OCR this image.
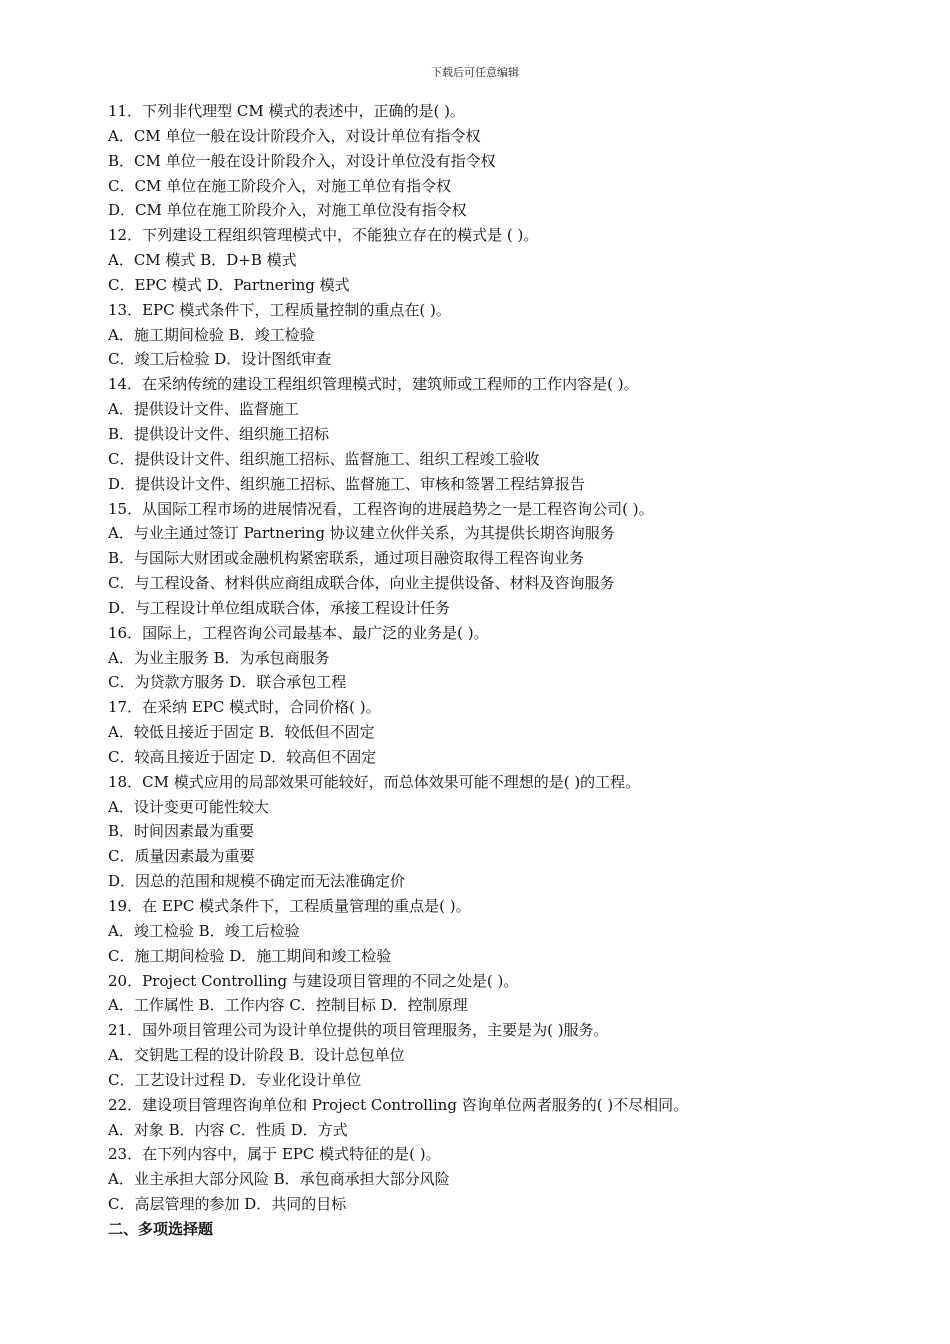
下载后可任意编辑
11．下列非代理型 CM 模式的表述中，正确的是( )。
A．CM 单位一般在设计阶段介入，对设计单位有指令权
B．CM 单位一般在设计阶段介入，对设计单位没有指令权
C．CM 单位在施工阶段介入，对施工单位有指令权
D．CM 单位在施工阶段介入，对施工单位没有指令权
12．下列建设工程组织管理模式中，不能独立存在的模式是 ( )。
A．CM 模式 B．D+B 模式
C．EPC 模式 D．Partnering 模式
13．EPC 模式条件下，工程质量控制的重点在( )。
A．施工期间检验 B．竣工检验
C．竣工后检验 D．设计图纸审查
14．在采纳传统的建设工程组织管理模式时，建筑师或工程师的工作内容是( )。
A．提供设计文件、监督施工
B．提供设计文件、组织施工招标
C．提供设计文件、组织施工招标、监督施工、组织工程竣工验收
D．提供设计文件、组织施工招标、监督施工、审核和签署工程结算报告
15．从国际工程市场的进展情况看，工程咨询的进展趋势之一是工程咨询公司( )。
A．与业主通过签订 Partnering 协议建立伙伴关系，为其提供长期咨询服务
B．与国际大财团或金融机构紧密联系，通过项目融资取得工程咨询业务
C．与工程设备、材料供应商组成联合体，向业主提供设备、材料及咨询服务
D．与工程设计单位组成联合体，承接工程设计任务
16．国际上，工程咨询公司最基本、最广泛的业务是( )。
A．为业主服务 B．为承包商服务
C．为贷款方服务 D．联合承包工程
17．在采纳 EPC 模式时，合同价格( )。
A．较低且接近于固定 B．较低但不固定
C．较高且接近于固定 D．较高但不固定
18．CM 模式应用的局部效果可能较好，而总体效果可能不理想的是( )的工程。
A．设计变更可能性较大
B．时间因素最为重要
C．质量因素最为重要
D．因总的范围和规模不确定而无法准确定价
19．在 EPC 模式条件下，工程质量管理的重点是( )。
A．竣工检验 B．竣工后检验
C．施工期间检验 D．施工期间和竣工检验
20．Project Controlling 与建设项目管理的不同之处是( )。
A．工作属性 B．工作内容 C．控制目标 D．控制原理
21．国外项目管理公司为设计单位提供的项目管理服务，主要是为( )服务。
A．交钥匙工程的设计阶段 B．设计总包单位
C．工艺设计过程 D．专业化设计单位
22．建设项目管理咨询单位和 Project Controlling 咨询单位两者服务的( )不尽相同。
A．对象 B．内容 C．性质 D．方式
23．在下列内容中，属于 EPC 模式特征的是( )。
A．业主承担大部分风险 B．承包商承担大部分风险
C．高层管理的参加 D．共同的目标
二、多项选择题
